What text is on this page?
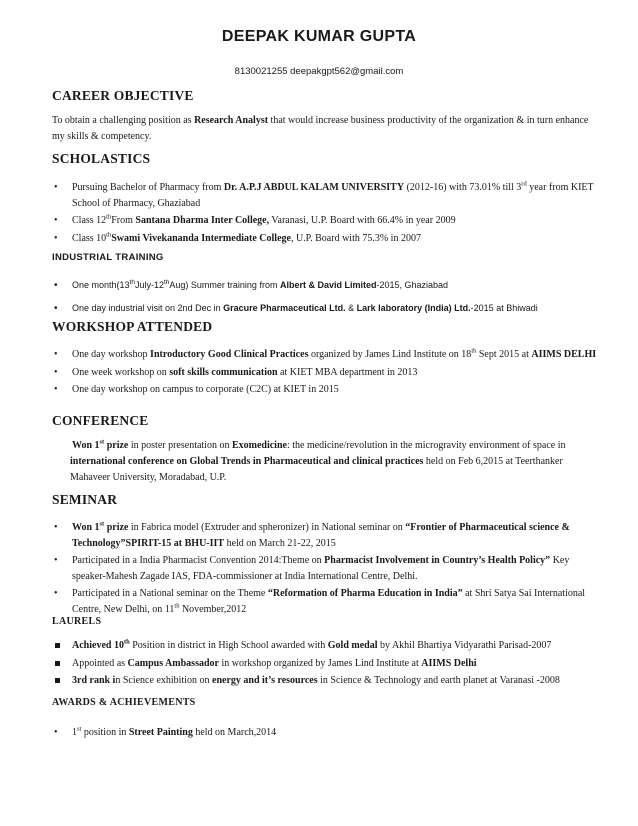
DEEPAK KUMAR GUPTA
8130021255 deepakgpt562@gmail.com
CAREER OBJECTIVE
To obtain a challenging position as Research Analyst that would increase business productivity of the organization & in turn enhance my skills & competency.
SCHOLASTICS
• Pursuing Bachelor of Pharmacy from Dr. A.P.J ABDUL KALAM UNIVERSITY (2012-16) with 73.01% till 3rd year from KIET School of Pharmacy, Ghaziabad
• Class 12thFrom Santana Dharma Inter College, Varanasi, U.P. Board with 66.4% in year 2009
• Class 10thSwami Vivekananda Intermediate College, U.P. Board with 75.3% in 2007
INDUSTRIAL TRAINING
• One month(13thJuly-12thAug) Summer training from Albert & David Limited-2015, Ghaziabad
• One day industrial visit on 2nd Dec in Gracure Pharmaceutical Ltd. & Lark laboratory (India) Ltd.-2015 at Bhiwadi
WORKSHOP ATTENDED
• One day workshop Introductory Good Clinical Practices organized by James Lind Institute on 18th Sept 2015 at AIIMS DELHI
• One week workshop on soft skills communication at KIET MBA department in 2013
• One day workshop on campus to corporate (C2C) at KIET in 2015
CONFERENCE
Won 1st prize in poster presentation on Exomedicine: the medicine/revolution in the microgravity environment of space in international conference on Global Trends in Pharmaceutical and clinical practices held on Feb 6,2015 at Teerthanker Mahaveer University, Moradabad, U.P.
SEMINAR
• Won 1st prize in Fabrica model (Extruder and spheronizer) in National seminar on “Frontier of Pharmaceutical science & Technology”SPIRIT-15 at BHU-IIT held on March 21-22, 2015
• Participated in a India Pharmacist Convention 2014:Theme on Pharmacist Involvement in Country’s Health Policy” Key speaker-Mahesh Zagade IAS, FDA-commissioner at India International Centre, Delhi.
• Participated in a National seminar on the Theme “Reformation of Pharma Education in India” at Shri Satya Sai International Centre, New Delhi, on 11th November,2012
LAURELS
Achieved 10th Position in district in High School awarded with Gold medal by Akhil Bhartiya Vidyarathi Parisad-2007
Appointed as Campus Ambassador in workshop organized by James Lind Institute at AIIMS Delhi
3rd rank in Science exhibition on energy and it’s resources in Science & Technology and earth planet at Varanasi -2008
AWARDS & ACHIEVEMENTS
• 1st position in Street Painting held on March,2014
